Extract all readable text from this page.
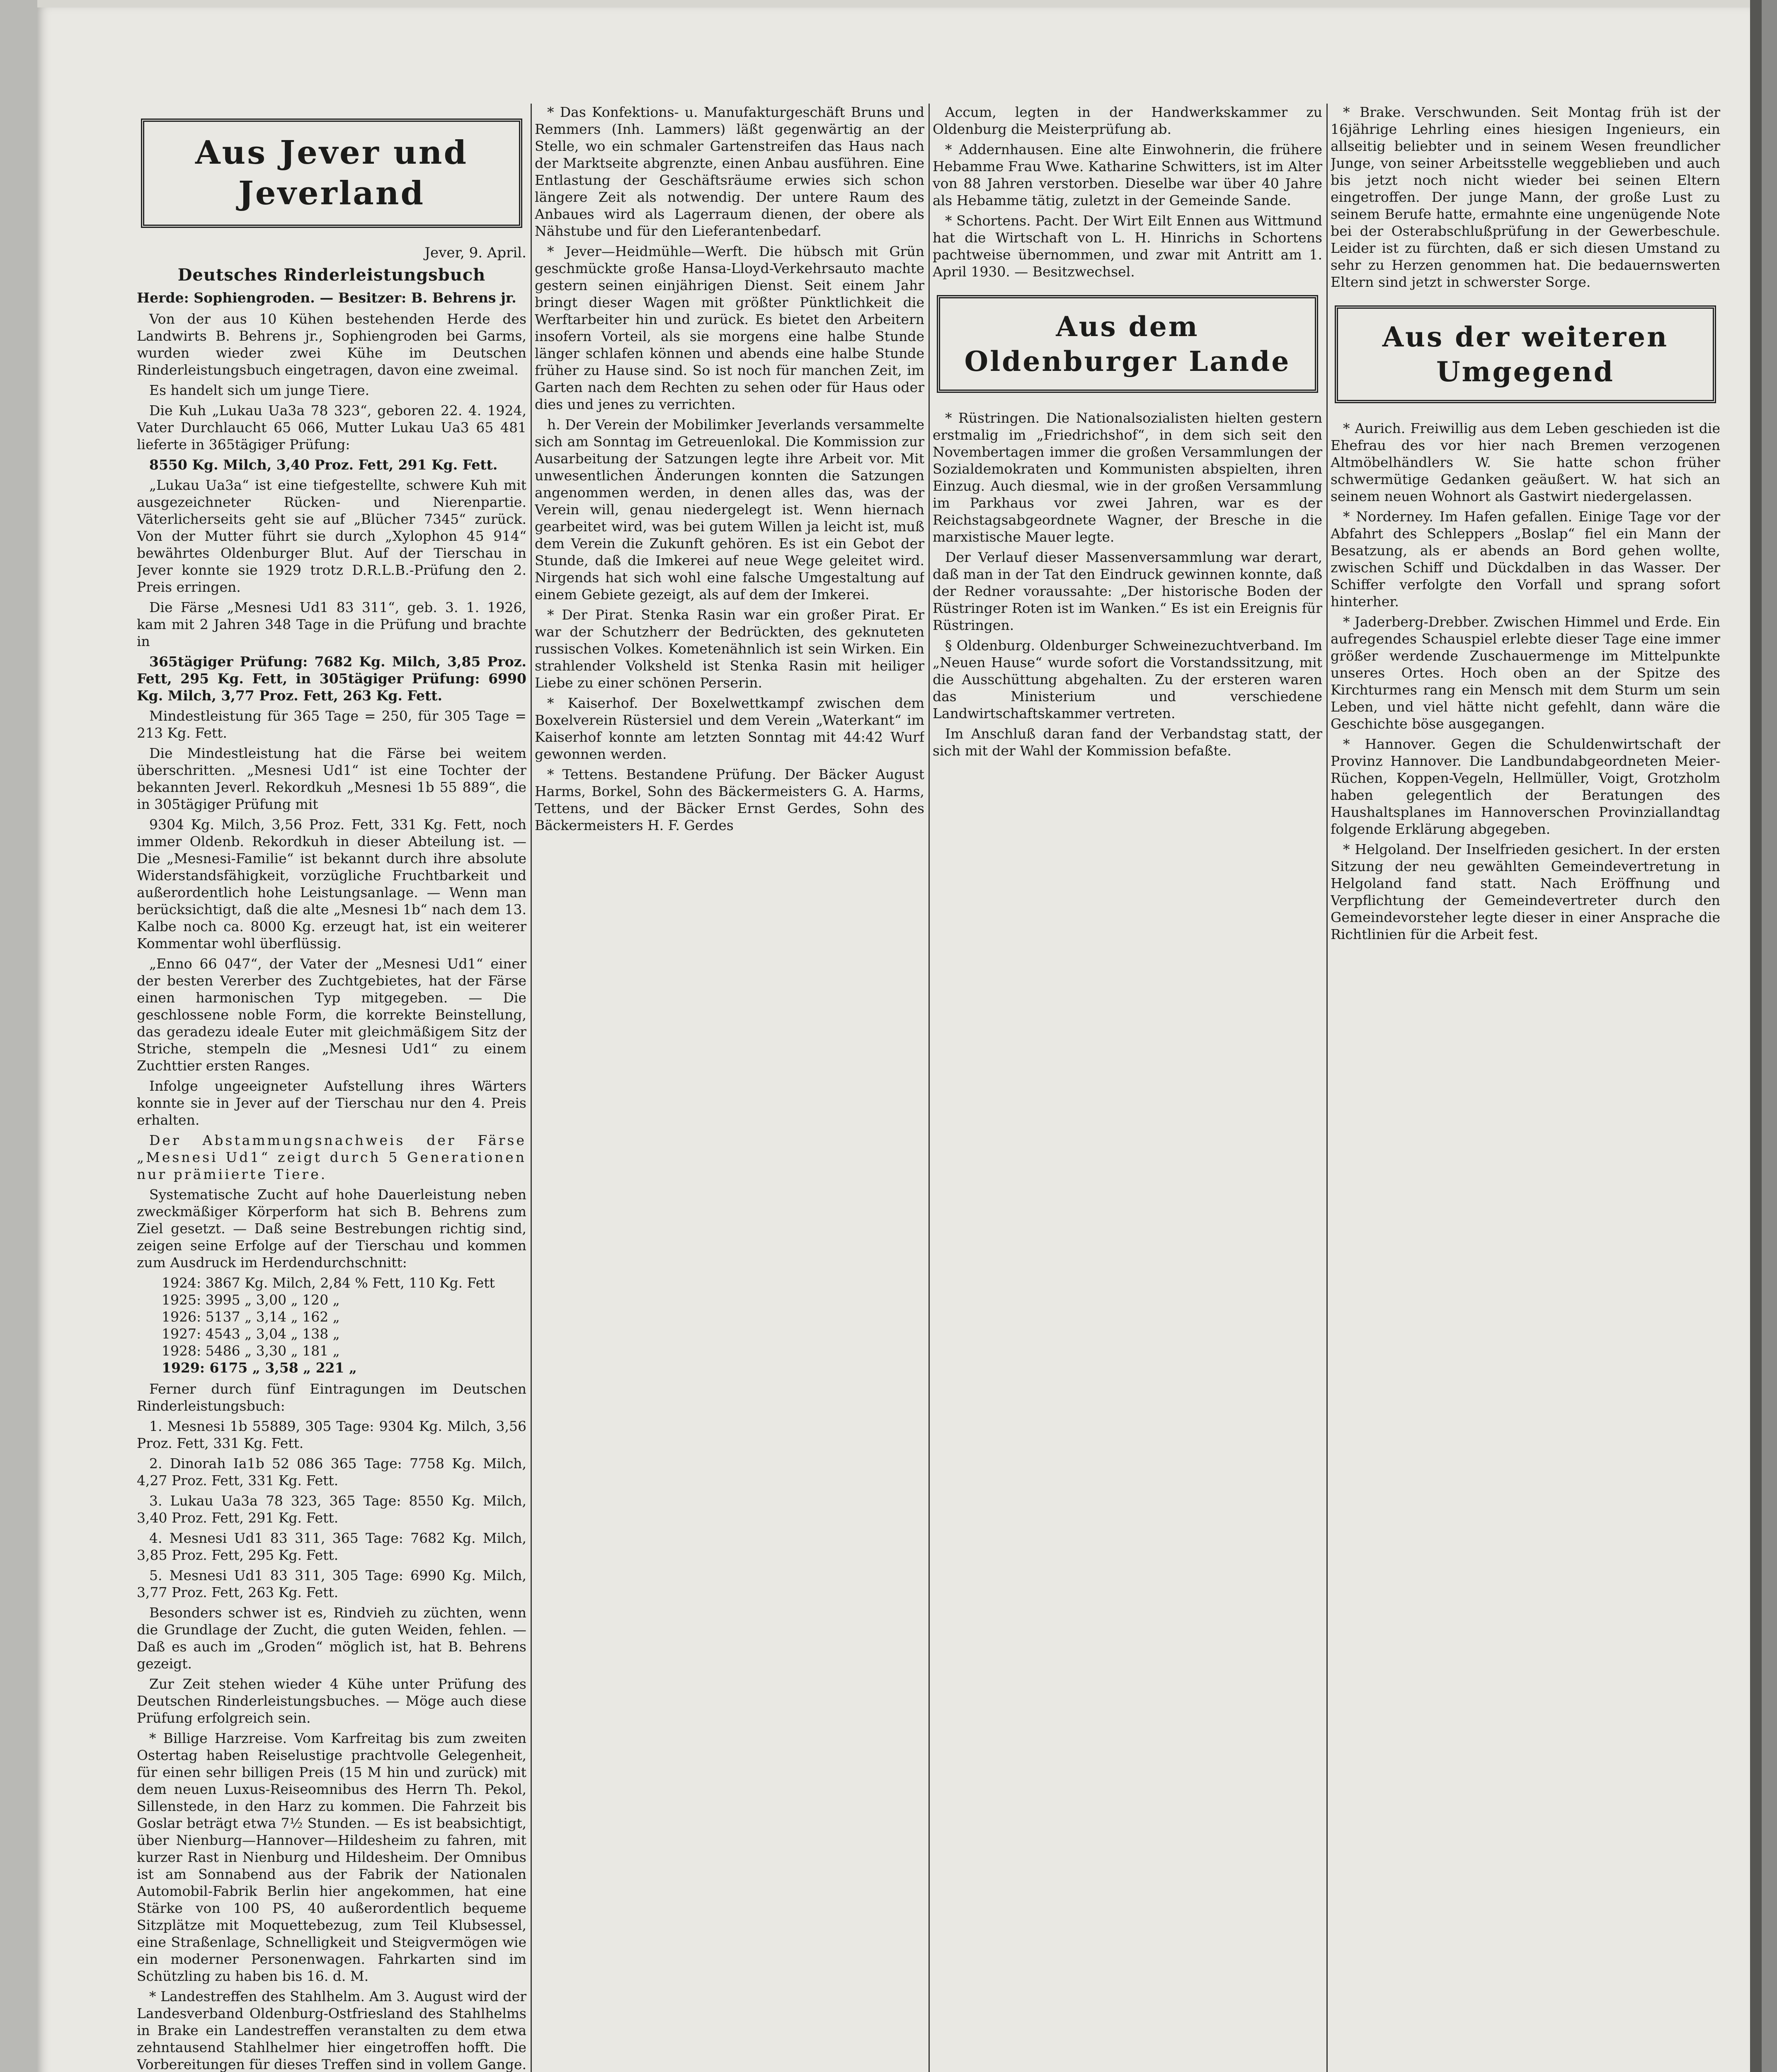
Aus Jever und Jeverland
Jever, 9. April.
Deutsches Rinderleistungsbuch
Herde: Sophiengroden. — Besitzer: B. Behrens jr.

Von der aus 10 Kühen bestehenden Herde des Landwirts B. Behrens jr., Sophiengroden bei Garms, wurden wieder zwei Kühe im Deutschen Rinderleistungsbuch eingetragen, davon eine zweimal.

Es handelt sich um junge Tiere.

Die Kuh „Lukau Ua3a 78 323“, geboren 22. 4. 1924, Vater Durchlaucht 65 066, Mutter Lukau Ua3 65 481 lieferte in 365tägiger Prüfung:

8550 Kg. Milch, 3,40 Proz. Fett, 291 Kg. Fett.

„Lukau Ua3a“ ist eine tiefgestellte, schwere Kuh mit ausgezeichneter Rücken- und Nierenpartie. Väterlicherseits geht sie auf „Blücher 7345“ zurück. Von der Mutter führt sie durch „Xylophon 45 914“ bewährtes Oldenburger Blut. Auf der Tierschau in Jever konnte sie 1929 trotz D.R.L.B.-Prüfung den 2. Preis erringen.

Die Färse „Mesnesi Ud1 83 311“, geb. 3. 1. 1926, kam mit 2 Jahren 348 Tage in die Prüfung und brachte in

365tägiger Prüfung: 7682 Kg. Milch, 3,85 Proz. Fett, 295 Kg. Fett, in 305tägiger Prüfung: 6990 Kg. Milch, 3,77 Proz. Fett, 263 Kg. Fett.

Mindestleistung für 365 Tage = 250, für 305 Tage = 213 Kg. Fett.

Die Mindestleistung hat die Färse bei weitem überschritten. „Mesnesi Ud1“ ist eine Tochter der bekannten Jeverl. Rekordkuh „Mesnesi 1b 55 889“, die in 305tägiger Prüfung mit

9304 Kg. Milch, 3,56 Proz. Fett, 331 Kg. Fett, noch immer Oldenb. Rekordkuh in dieser Abteilung ist. — Die „Mesnesi-Familie“ ist bekannt durch ihre absolute Widerstandsfähigkeit, vorzügliche Fruchtbarkeit und außerordentlich hohe Leistungsanlage. — Wenn man berücksichtigt, daß die alte „Mesnesi 1b“ nach dem 13. Kalbe noch ca. 8000 Kg. erzeugt hat, ist ein weiterer Kommentar wohl überflüssig.

„Enno 66 047“, der Vater der „Mesnesi Ud1“ einer der besten Vererber des Zuchtgebietes, hat der Färse einen harmonischen Typ mitgegeben. — Die geschlossene noble Form, die korrekte Beinstellung, das geradezu ideale Euter mit gleichmäßigem Sitz der Striche, stempeln die „Mesnesi Ud1“ zu einem Zuchttier ersten Ranges.

Infolge ungeeigneter Aufstellung ihres Wärters konnte sie in Jever auf der Tierschau nur den 4. Preis erhalten.

Der Abstammungsnachweis der Färse „Mesnesi Ud1“ zeigt durch 5 Generationen nur prämiierte Tiere.

Systematische Zucht auf hohe Dauerleistung neben zweckmäßiger Körperform hat sich B. Behrens zum Ziel gesetzt. — Daß seine Bestrebungen richtig sind, zeigen seine Erfolge auf der Tierschau und kommen zum Ausdruck im Herdendurchschnitt:

1924: 3867 Kg. Milch, 2,84 % Fett, 110 Kg. Fett
1925: 3995 „ 3,00 „ 120 „
1926: 5137 „ 3,14 „ 162 „
1927: 4543 „ 3,04 „ 138 „
1928: 5486 „ 3,30 „ 181 „
1929: 6175 „ 3,58 „ 221 „

Ferner durch fünf Eintragungen im Deutschen Rinderleistungsbuch:

1. Mesnesi 1b 55889, 305 Tage: 9304 Kg. Milch, 3,56 Proz. Fett, 331 Kg. Fett.

2. Dinorah Ia1b 52 086 365 Tage: 7758 Kg. Milch, 4,27 Proz. Fett, 331 Kg. Fett.

3. Lukau Ua3a 78 323, 365 Tage: 8550 Kg. Milch, 3,40 Proz. Fett, 291 Kg. Fett.

4. Mesnesi Ud1 83 311, 365 Tage: 7682 Kg. Milch, 3,85 Proz. Fett, 295 Kg. Fett.

5. Mesnesi Ud1 83 311, 305 Tage: 6990 Kg. Milch, 3,77 Proz. Fett, 263 Kg. Fett.

Besonders schwer ist es, Rindvieh zu züchten, wenn die Grundlage der Zucht, die guten Weiden, fehlen. — Daß es auch im „Groden“ möglich ist, hat B. Behrens gezeigt.

Zur Zeit stehen wieder 4 Kühe unter Prüfung des Deutschen Rinderleistungsbuches. — Möge auch diese Prüfung erfolgreich sein.

* Billige Harzreise. Vom Karfreitag bis zum zweiten Ostertag haben Reiselustige prachtvolle Gelegenheit, für einen sehr billigen Preis (15 M hin und zurück) mit dem neuen Luxus-Reiseomnibus des Herrn Th. Pekol, Sillenstede, in den Harz zu kommen. Die Fahrzeit bis Goslar beträgt etwa 7½ Stunden. — Es ist beabsichtigt, über Nienburg—Hannover—Hildesheim zu fahren, mit kurzer Rast in Nienburg und Hildesheim. Der Omnibus ist am Sonnabend aus der Fabrik der Nationalen Automobil-Fabrik Berlin hier angekommen, hat eine Stärke von 100 PS, 40 außerordentlich bequeme Sitzplätze mit Moquettebezug, zum Teil Klubsessel, eine Straßenlage, Schnelligkeit und Steigvermögen wie ein moderner Personenwagen. Fahrkarten sind im Schützling zu haben bis 16. d. M.

* Landestreffen des Stahlhelm. Am 3. August wird der Landesverband Oldenburg-Ostfriesland des Stahlhelms in Brake ein Landestreffen veranstalten zu dem etwa zehntausend Stahlhelmer hier eingetroffen hofft. Die Vorbereitungen für dieses Treffen sind in vollem Gange.

* Das Konfektions- u. Manufakturgeschäft Bruns und Remmers (Inh. Lammers) läßt gegenwärtig an der Stelle, wo ein schmaler Gartenstreifen das Haus nach der Marktseite abgrenzte, einen Anbau ausführen. Eine Entlastung der Geschäftsräume erwies sich schon längere Zeit als notwendig. Der untere Raum des Anbaues wird als Lagerraum dienen, der obere als Nähstube und für den Lieferantenbedarf.

* Jever—Heidmühle—Werft. Die hübsch mit Grün geschmückte große Hansa-Lloyd-Verkehrsauto machte gestern seinen einjährigen Dienst. Seit einem Jahr bringt dieser Wagen mit größter Pünktlichkeit die Werftarbeiter hin und zurück. Es bietet den Arbeitern insofern Vorteil, als sie morgens eine halbe Stunde länger schlafen können und abends eine halbe Stunde früher zu Hause sind. So ist noch für manchen Zeit, im Garten nach dem Rechten zu sehen oder für Haus oder dies und jenes zu verrichten.

h. Der Verein der Mobilimker Jeverlands versammelte sich am Sonntag im Getreuenlokal. Die Kommission zur Ausarbeitung der Satzungen legte ihre Arbeit vor. Mit unwesentlichen Änderungen konnten die Satzungen angenommen werden, in denen alles das, was der Verein will, genau niedergelegt ist. Wenn hiernach gearbeitet wird, was bei gutem Willen ja leicht ist, muß dem Verein die Zukunft gehören. Es ist ein Gebot der Stunde, daß die Imkerei auf neue Wege geleitet wird. Nirgends hat sich wohl eine falsche Umgestaltung auf einem Gebiete gezeigt, als auf dem der Imkerei.

* Der Pirat. Stenka Rasin war ein großer Pirat. Er war der Schutzherr der Bedrückten, des geknuteten russischen Volkes. Kometenähnlich ist sein Wirken. Ein strahlender Volksheld ist Stenka Rasin mit heiliger Liebe zu einer schönen Perserin.

* Kaiserhof. Der Boxelwettkampf zwischen dem Boxelverein Rüstersiel und dem Verein „Waterkant“ im Kaiserhof konnte am letzten Sonntag mit 44:42 Wurf gewonnen werden.

* Tettens. Bestandene Prüfung. Der Bäcker August Harms, Borkel, Sohn des Bäckermeisters G. A. Harms, Tettens, und der Bäcker Ernst Gerdes, Sohn des Bäckermeisters H. F. Gerdes

Accum, legten in der Handwerkskammer zu Oldenburg die Meisterprüfung ab.

* Addernhausen. Eine alte Einwohnerin, die frühere Hebamme Frau Wwe. Katharine Schwitters, ist im Alter von 88 Jahren verstorben. Dieselbe war über 40 Jahre als Hebamme tätig, zuletzt in der Gemeinde Sande.

* Schortens. Pacht. Der Wirt Eilt Ennen aus Wittmund hat die Wirtschaft von L. H. Hinrichs in Schortens pachtweise übernommen, und zwar mit Antritt am 1. April 1930. — Besitzwechsel.

Aus dem Oldenburger Lande

* Rüstringen. Die Nationalsozialisten hielten gestern erstmalig im „Friedrichshof“, in dem sich seit den Novembertagen immer die großen Versammlungen der Sozialdemokraten und Kommunisten abspielten, ihren Einzug. Auch diesmal, wie in der großen Versammlung im Parkhaus vor zwei Jahren, war es der Reichstagsabgeordnete Wagner, der Bresche in die marxistische Mauer legte.

Der Verlauf dieser Massenversammlung war derart, daß man in der Tat den Eindruck gewinnen konnte, daß der Redner voraussahte: „Der historische Boden der Rüstringer Roten ist im Wanken.“ Es ist ein Ereignis für Rüstringen.

§ Oldenburg. Oldenburger Schweinezuchtverband. Im „Neuen Hause“ wurde sofort die Vorstandssitzung, mit die Ausschüttung abgehalten. Zu der ersteren waren das Ministerium und verschiedene Landwirtschaftskammer vertreten.

Im Anschluß daran fand der Verbandstag statt, der sich mit der Wahl der Kommission befaßte.

* Brake. Verschwunden. Seit Montag früh ist der 16jährige Lehrling eines hiesigen Ingenieurs, ein allseitig beliebter und in seinem Wesen freundlicher Junge, von seiner Arbeitsstelle weggeblieben und auch bis jetzt noch nicht wieder bei seinen Eltern eingetroffen. Der junge Mann, der große Lust zu seinem Berufe hatte, ermahnte eine ungenügende Note bei der Osterabschlußprüfung in der Gewerbeschule. Leider ist zu fürchten, daß er sich diesen Umstand zu sehr zu Herzen genommen hat. Die bedauernswerten Eltern sind jetzt in schwerster Sorge.

Aus der weiteren Umgegend

* Aurich. Freiwillig aus dem Leben geschieden ist die Ehefrau des vor hier nach Bremen verzogenen Altmöbelhändlers W. Sie hatte schon früher schwermütige Gedanken geäußert. W. hat sich an seinem neuen Wohnort als Gastwirt niedergelassen.

* Norderney. Im Hafen gefallen. Einige Tage vor der Abfahrt des Schleppers „Boslap“ fiel ein Mann der Besatzung, als er abends an Bord gehen wollte, zwischen Schiff und Dückdalben in das Wasser. Der Schiffer verfolgte den Vorfall und sprang sofort hinterher.

* Jaderberg-Drebber. Zwischen Himmel und Erde. Ein aufregendes Schauspiel erlebte dieser Tage eine immer größer werdende Zuschauermenge im Mittelpunkte unseres Ortes. Hoch oben an der Spitze des Kirchturmes rang ein Mensch mit dem Sturm um sein Leben, und viel hätte nicht gefehlt, dann wäre die Geschichte böse ausgegangen.

* Hannover. Gegen die Schuldenwirtschaft der Provinz Hannover. Die Landbundabgeordneten Meier-Rüchen, Koppen-Vegeln, Hellmüller, Voigt, Grotzholm haben gelegentlich der Beratungen des Haushaltsplanes im Hannoverschen Provinziallandtag folgende Erklärung abgegeben.

* Helgoland. Der Inselfrieden gesichert. In der ersten Sitzung der neu gewählten Gemeindevertretung in Helgoland fand statt. Nach Eröffnung und Verpflichtung der Gemeindevertreter durch den Gemeindevorsteher legte dieser in einer Ansprache die Richtlinien für die Arbeit fest.
